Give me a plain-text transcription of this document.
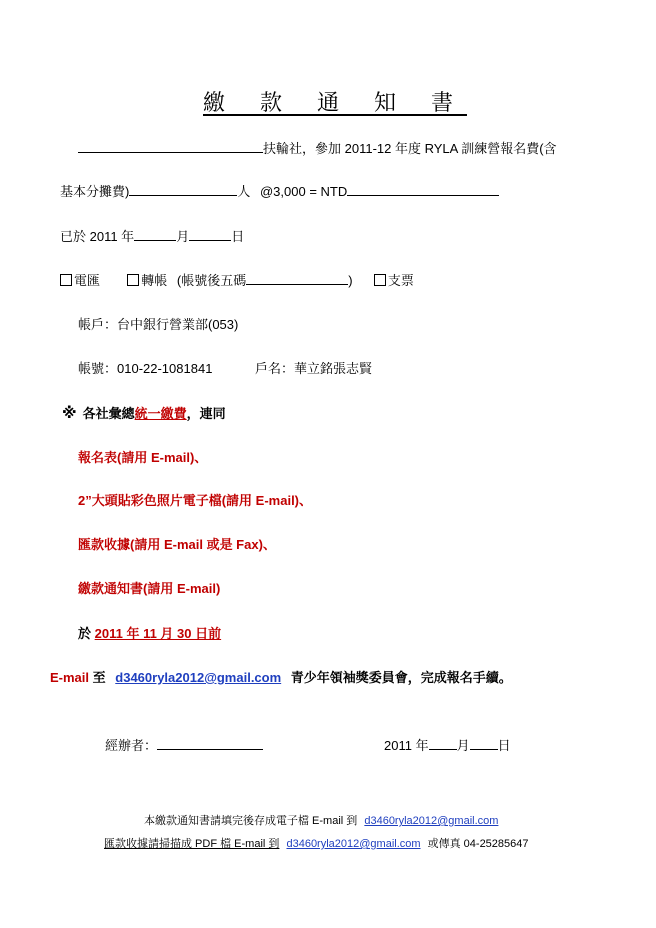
繳 款 通 知 書
扶輪社，參加 2011-12 年度 RYLA 訓練營報名費(含
基本分攤費)	人 @3,000 = NTD
已於 2011 年	月	日
電匯	轉帳 (帳號後五碼	)	支票
帳戶：台中銀行營業部(053)
帳號：010-22-1081841	戶名：華立銘張志賢
※ 各社彙總統一繳費，連同
報名表(請用 E-mail)、
2”大頭貼彩色照片電子檔(請用 E-mail)、
匯款收據(請用 E-mail 或是 Fax)、
繳款通知書(請用 E-mail)
於 2011 年 11 月 30 日前
E-mail 至 d3460ryla2012@gmail.com 青少年領袖獎委員會，完成報名手續。
經辦者：	2011 年 月 日
本繳款通知書請填完後存成電子檔 E-mail 到 d3460ryla2012@gmail.com
匯款收據請掃描成 PDF 檔 E-mail 到 d3460ryla2012@gmail.com 或傳真 04-25285647
